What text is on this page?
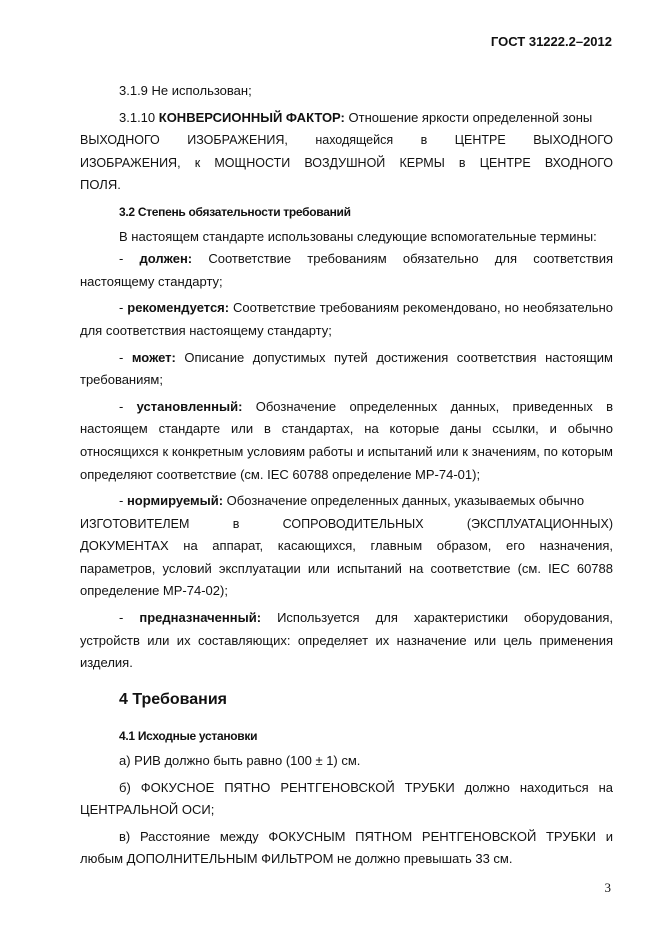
ГОСТ 31222.2–2012

3.1.9 Не использован;

3.1.10 КОНВЕРСИОННЫЙ ФАКТОР: Отношение яркости определенной зоны

ВЫХОДНОГО ИЗОБРАЖЕНИЯ, находящейся в ЦЕНТРЕ ВЫХОДНОГО

ИЗОБРАЖЕНИЯ, к МОЩНОСТИ ВОЗДУШНОЙ КЕРМЫ в ЦЕНТРЕ ВХОДНОГО

ПОЛЯ.

3.2 Степень обязательности требований

В настоящем стандарте использованы следующие вспомогательные термины:

- должен: Соответствие требованиям обязательно для соответствия настоящему стандарту;

- рекомендуется: Соответствие требованиям рекомендовано, но необязательно для соответствия настоящему стандарту;

- может: Описание допустимых путей достижения соответствия настоящим требованиям;

- установленный: Обозначение определенных данных, приведенных в настоящем стандарте или в стандартах, на которые даны ссылки, и обычно относящихся к конкретным условиям работы и испытаний или к значениям, по которым определяют соответствие (см. IEC 60788 определение МР-74-01);

- нормируемый: Обозначение определенных данных, указываемых обычно

ИЗГОТОВИТЕЛЕМ в СОПРОВОДИТЕЛЬНЫХ (ЭКСПЛУАТАЦИОННЫХ)

ДОКУМЕНТАХ на аппарат, касающихся, главным образом, его назначения, параметров, условий эксплуатации или испытаний на соответствие (см. IEC 60788 определение МР-74-02);

- предназначенный: Используется для характеристики оборудования, устройств или их составляющих: определяет их назначение или цель применения изделия.

4 Требования

4.1 Исходные установки

а) РИВ должно быть равно (100 ± 1) см.

б) ФОКУСНОЕ ПЯТНО РЕНТГЕНОВСКОЙ ТРУБКИ должно находиться на

ЦЕНТРАЛЬНОЙ ОСИ;

в) Расстояние между ФОКУСНЫМ ПЯТНОМ РЕНТГЕНОВСКОЙ ТРУБКИ и любым ДОПОЛНИТЕЛЬНЫМ ФИЛЬТРОМ не должно превышать 33 см.

3
